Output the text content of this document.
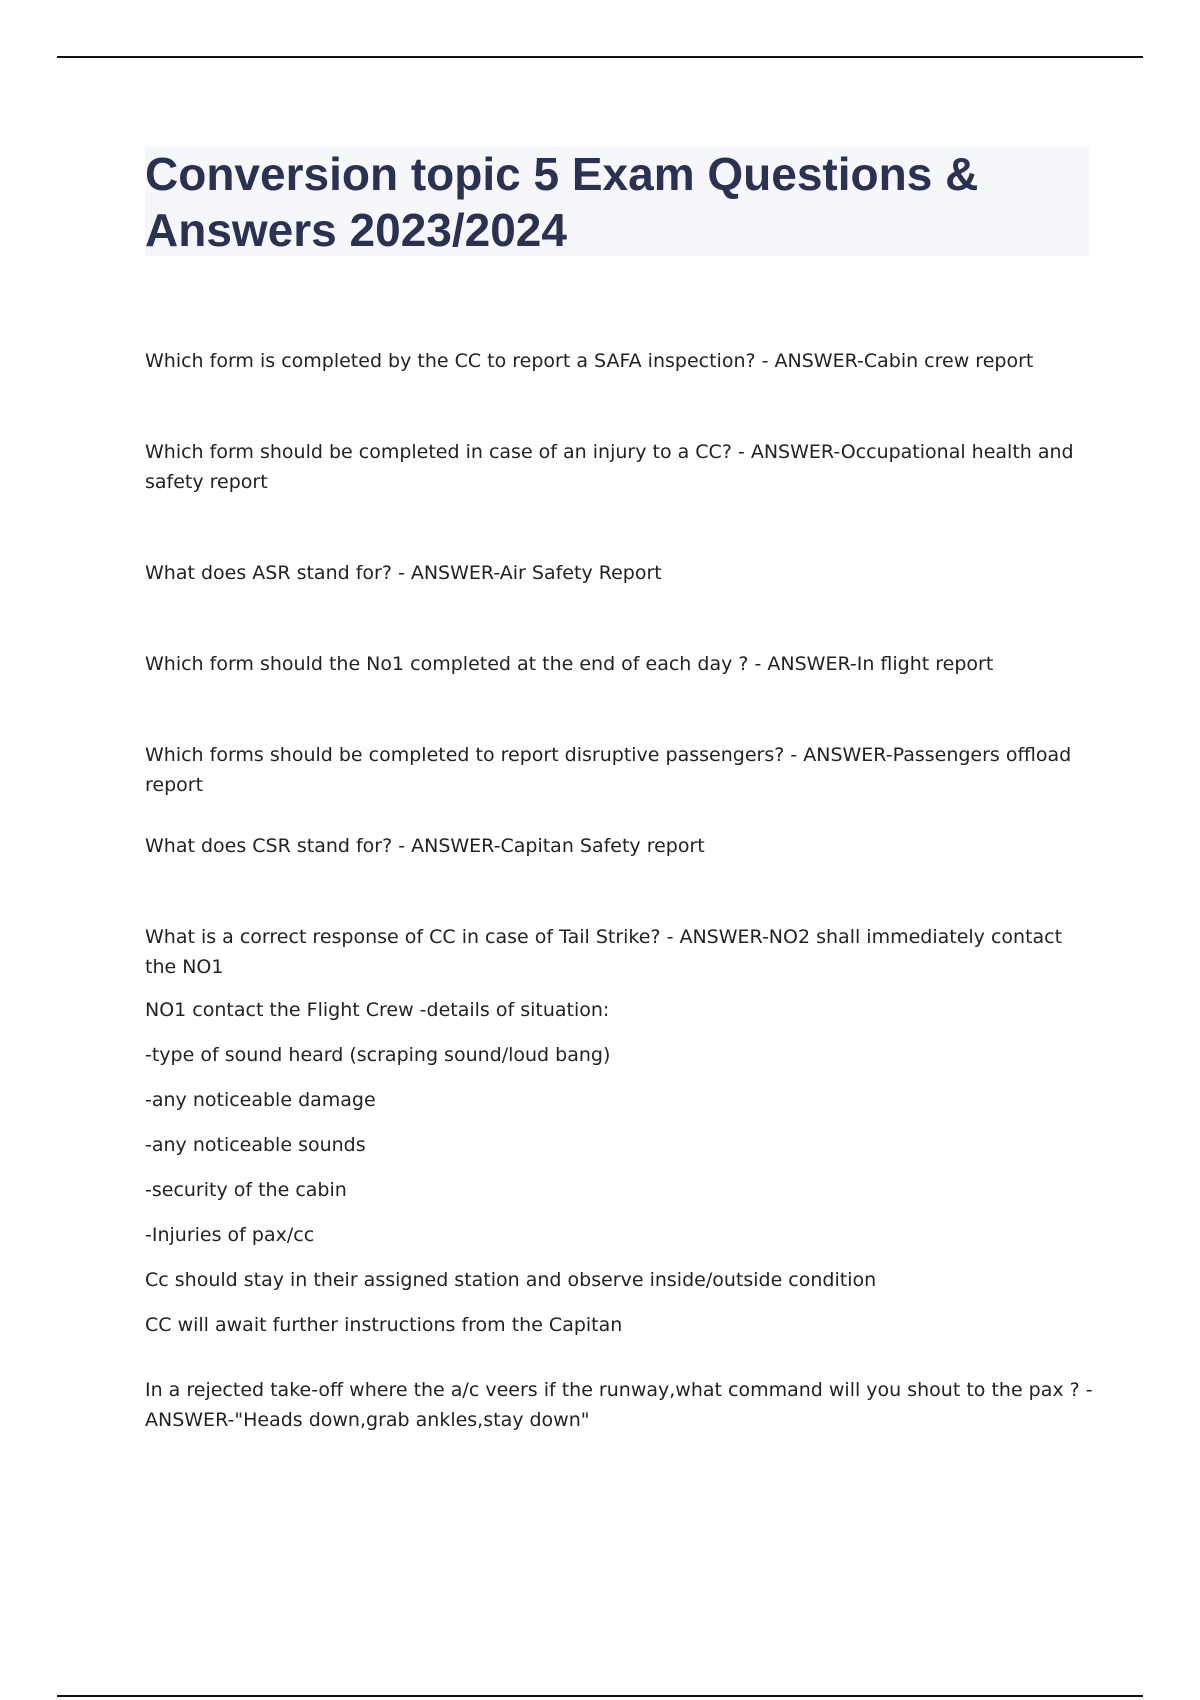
Conversion topic 5 Exam Questions & Answers 2023/2024

Which form is completed by the CC to report a SAFA inspection? - ANSWER-Cabin crew report

Which form should be completed in case of an injury to a CC? - ANSWER-Occupational health and safety report

What does ASR stand for? - ANSWER-Air Safety Report

Which form should the No1 completed at the end of each day ? - ANSWER-In flight report

Which forms should be completed to report disruptive passengers? - ANSWER-Passengers offload report

What does CSR stand for? - ANSWER-Capitan Safety report

What is a correct response of CC in case of Tail Strike? - ANSWER-NO2 shall immediately contact the NO1

NO1 contact the Flight Crew -details of situation:

-type of sound heard (scraping sound/loud bang)

-any noticeable damage

-any noticeable sounds

-security of the cabin

-Injuries of pax/cc

Cc should stay in their assigned station and observe inside/outside condition

CC will await further instructions from the Capitan

In a rejected take-off where the a/c veers if the runway,what command will you shout to the pax ? - ANSWER-"Heads down,grab ankles,stay down"
